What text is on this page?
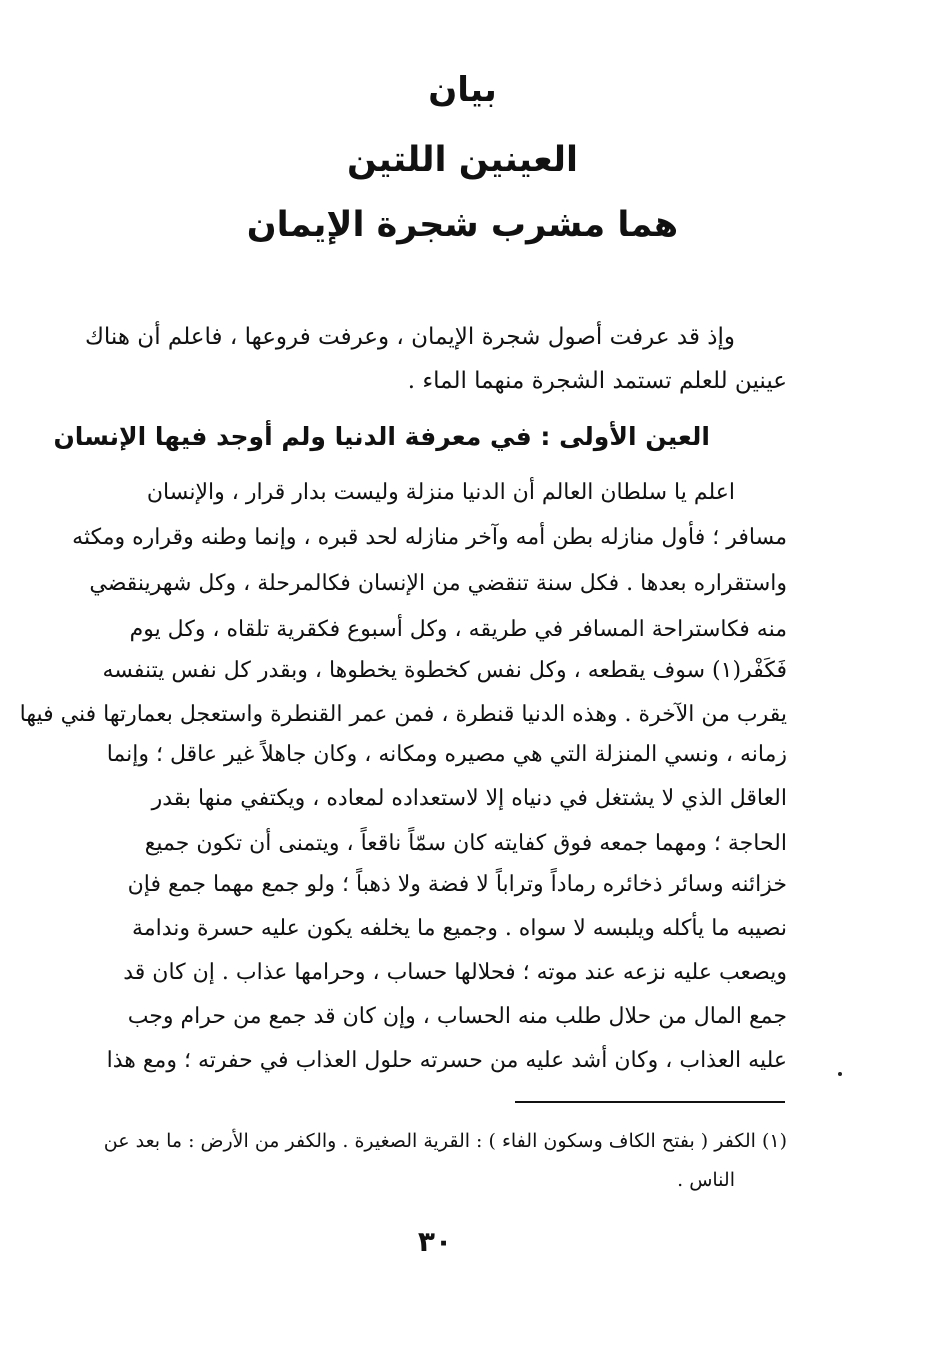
بيان
العينين اللتين
هما مشرب شجرة الإيمان
وإذ قد عرفت أصول شجرة الإيمان ، وعرفت فروعها ، فاعلم أن هناك
عينين للعلم تستمد الشجرة منهما الماء .
العين الأولى : في معرفة الدنيا ولم أوجد فيها الإنسان
اعلم يا سلطان العالم أن الدنيا منزلة وليست بدار قرار ، والإنسان
مسافر ؛ فأول منازله بطن أمه وآخر منازله لحد قبره ، وإنما وطنه وقراره ومكثه
واستقراره بعدها . فكل سنة تنقضي من الإنسان فكالمرحلة ، وكل شهرينقضي
منه فكاستراحة المسافر في طريقه ، وكل أسبوع فكقرية تلقاه ، وكل يوم
فَكَفْر(١) سوف يقطعه ، وكل نفس كخطوة يخطوها ، وبقدر كل نفس يتنفسه
يقرب من الآخرة . وهذه الدنيا قنطرة ، فمن عمر القنطرة واستعجل بعمارتها فني فيها
زمانه ، ونسي المنزلة التي هي مصيره ومكانه ، وكان جاهلاً غير عاقل ؛ وإنما
العاقل الذي لا يشتغل في دنياه إلا لاستعداده لمعاده ، ويكتفي منها بقدر
الحاجة ؛ ومهما جمعه فوق كفايته كان سمّاً ناقعاً ، ويتمنى أن تكون جميع
خزائنه وسائر ذخائره رماداً وتراباً لا فضة ولا ذهباً ؛ ولو جمع مهما جمع فإن
نصيبه ما يأكله ويلبسه لا سواه . وجميع ما يخلفه يكون عليه حسرة وندامة
ويصعب عليه نزعه عند موته ؛ فحلالها حساب ، وحرامها عذاب . إن كان قد
جمع المال من حلال طلب منه الحساب ، وإن كان قد جمع من حرام وجب
عليه العذاب ، وكان أشد عليه من حسرته حلول العذاب في حفرته ؛ ومع هذا
(١) الكفر ( بفتح الكاف وسكون الفاء ) : القرية الصغيرة . والكفر من الأرض : ما بعد عن
الناس .
٣٠
